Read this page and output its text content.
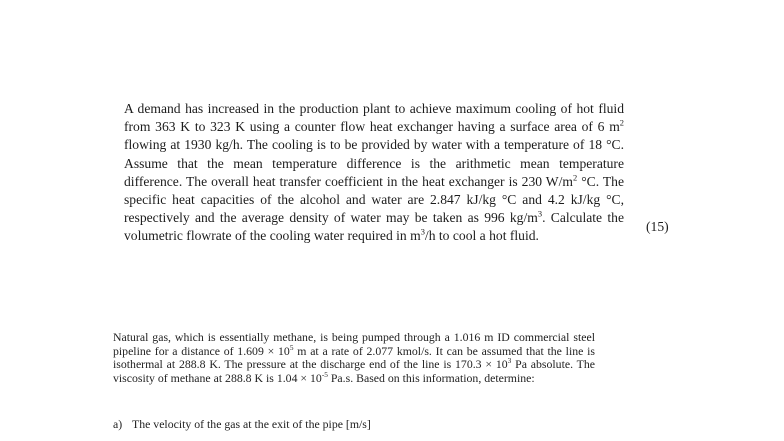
A demand has increased in the production plant to achieve maximum cooling of hot fluid from 363 K to 323 K using a counter flow heat exchanger having a surface area of 6 $m^2$ flowing at 1930 kg/h. The cooling is to be provided by water with a temperature of 18 °C. Assume that the mean temperature difference is the arithmetic mean temperature difference. The overall heat transfer coefficient in the heat exchanger is 230 $W/m^2$ °C. The specific heat capacities of the alcohol and water are 2.847 kJ/kg °C and 4.2 kJ/kg °C, respectively and the average density of water may be taken as 996 $kg/m^3$. Calculate the volumetric flowrate of the cooling water required in $m^3/h$ to cool a hot fluid.
(15)
Natural gas, which is essentially methane, is being pumped through a 1.016 m ID commercial steel pipeline for a distance of $1.609 \times 10^5$ m at a rate of 2.077 kmol/s. It can be assumed that the line is isothermal at 288.8 K. The pressure at the discharge end of the line is $170.3 \times 10^3$ Pa absolute. The viscosity of methane at 288.8 K is $1.04 \times 10^{-5}$ Pa.s. Based on this information, determine:
a) The velocity of the gas at the exit of the pipe [m/s]
